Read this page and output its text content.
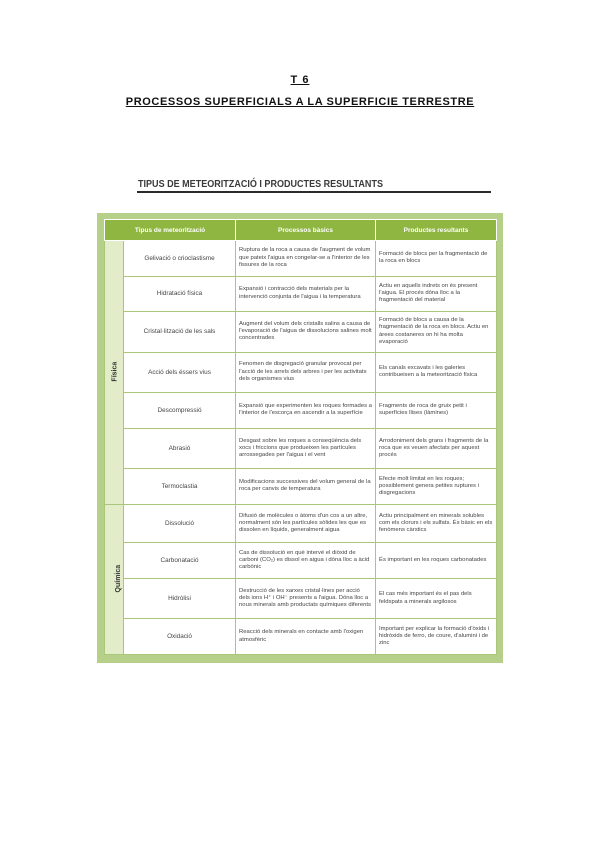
T 6
PROCESSOS SUPERFICIALS A LA SUPERFICIE TERRESTRE
TIPUS DE METEORITZACIÓ I PRODUCTES RESULTANTS
Tipus de meteorització		Processos bàsics	Productes resultants
Física	Gelivació o crioclastisme	Ruptura de la roca a causa de l'augment de volum que pateix l'aigua en congelar-se a l'interior de les fissures de la roca	Formació de blocs per la fragmentació de la roca en blocs
	Hidratació física	Expansió i contracció dels materials per la intervenció conjunta de l'aigua i la temperatura	Actiu en aquells indrets on és present l'aigua. El procés dóna lloc a la fragmentació del material
	Cristal·lització de les sals	Augment del volum dels cristalls salins a causa de l'evaporació de l'aigua de dissolucions salines molt concentrades	Formació de blocs a causa de la fragmentació de la roca en blocs. Actiu en àrees costaneres on hi ha molta evaporació
	Acció dels éssers vius	Fenomen de disgregació granular provocat per l'acció de les arrels dels arbres i per les activitats dels organismes vius	Els canals excavats i les galeries contribueixen a la meteorització física
	Descompressió	Expansió que experimenten les roques formades a l'interior de l'escorça en ascendir a la superfície	Fragments de roca de gruix petit i superfícies llises (làmines)
	Abrasió	Desgast sobre les roques a conseqüència dels xocs i friccions que produeixen les partícules arrossegades per l'aigua i el vent	Arrodoniment dels grans i fragments de la roca que es veuen afectats per aquest procés
	Termoclastia	Modificacions successives del volum general de la roca per canvis de temperatura	Efecte molt limitat en les roques; possiblement genera petites ruptures i disgregacions
Química	Dissolució	Difusió de molècules o àtoms d'un cos a un altre, normalment són les partícules sòlides les que es dissolen en líquids, generalment aigua	Actiu principalment en minerals solubles com els clorurs i els sulfats. És bàsic en els fenòmens càrstics
	Carbonatació	Cas de dissolució en què intervé el diòxid de carboni (CO₂) es dissol en aigua i dóna lloc a àcid carbònic	És important en les roques carbonatades
	Hidròlisi	Destrucció de les xarxes cristal·lines per acció dels ions H⁺ i OH⁻ presents a l'aigua. Dóna lloc a nous minerals amb productats químiques diferents	El cas més important és el pas dels feldspats a minerals argilosos
	Oxidació	Reacció dels minerals en contacte amb l'oxigen atmosfèric	Important per explicar la formació d'òxids i hidròxids de ferro, de coure, d'alumini i de zinc
